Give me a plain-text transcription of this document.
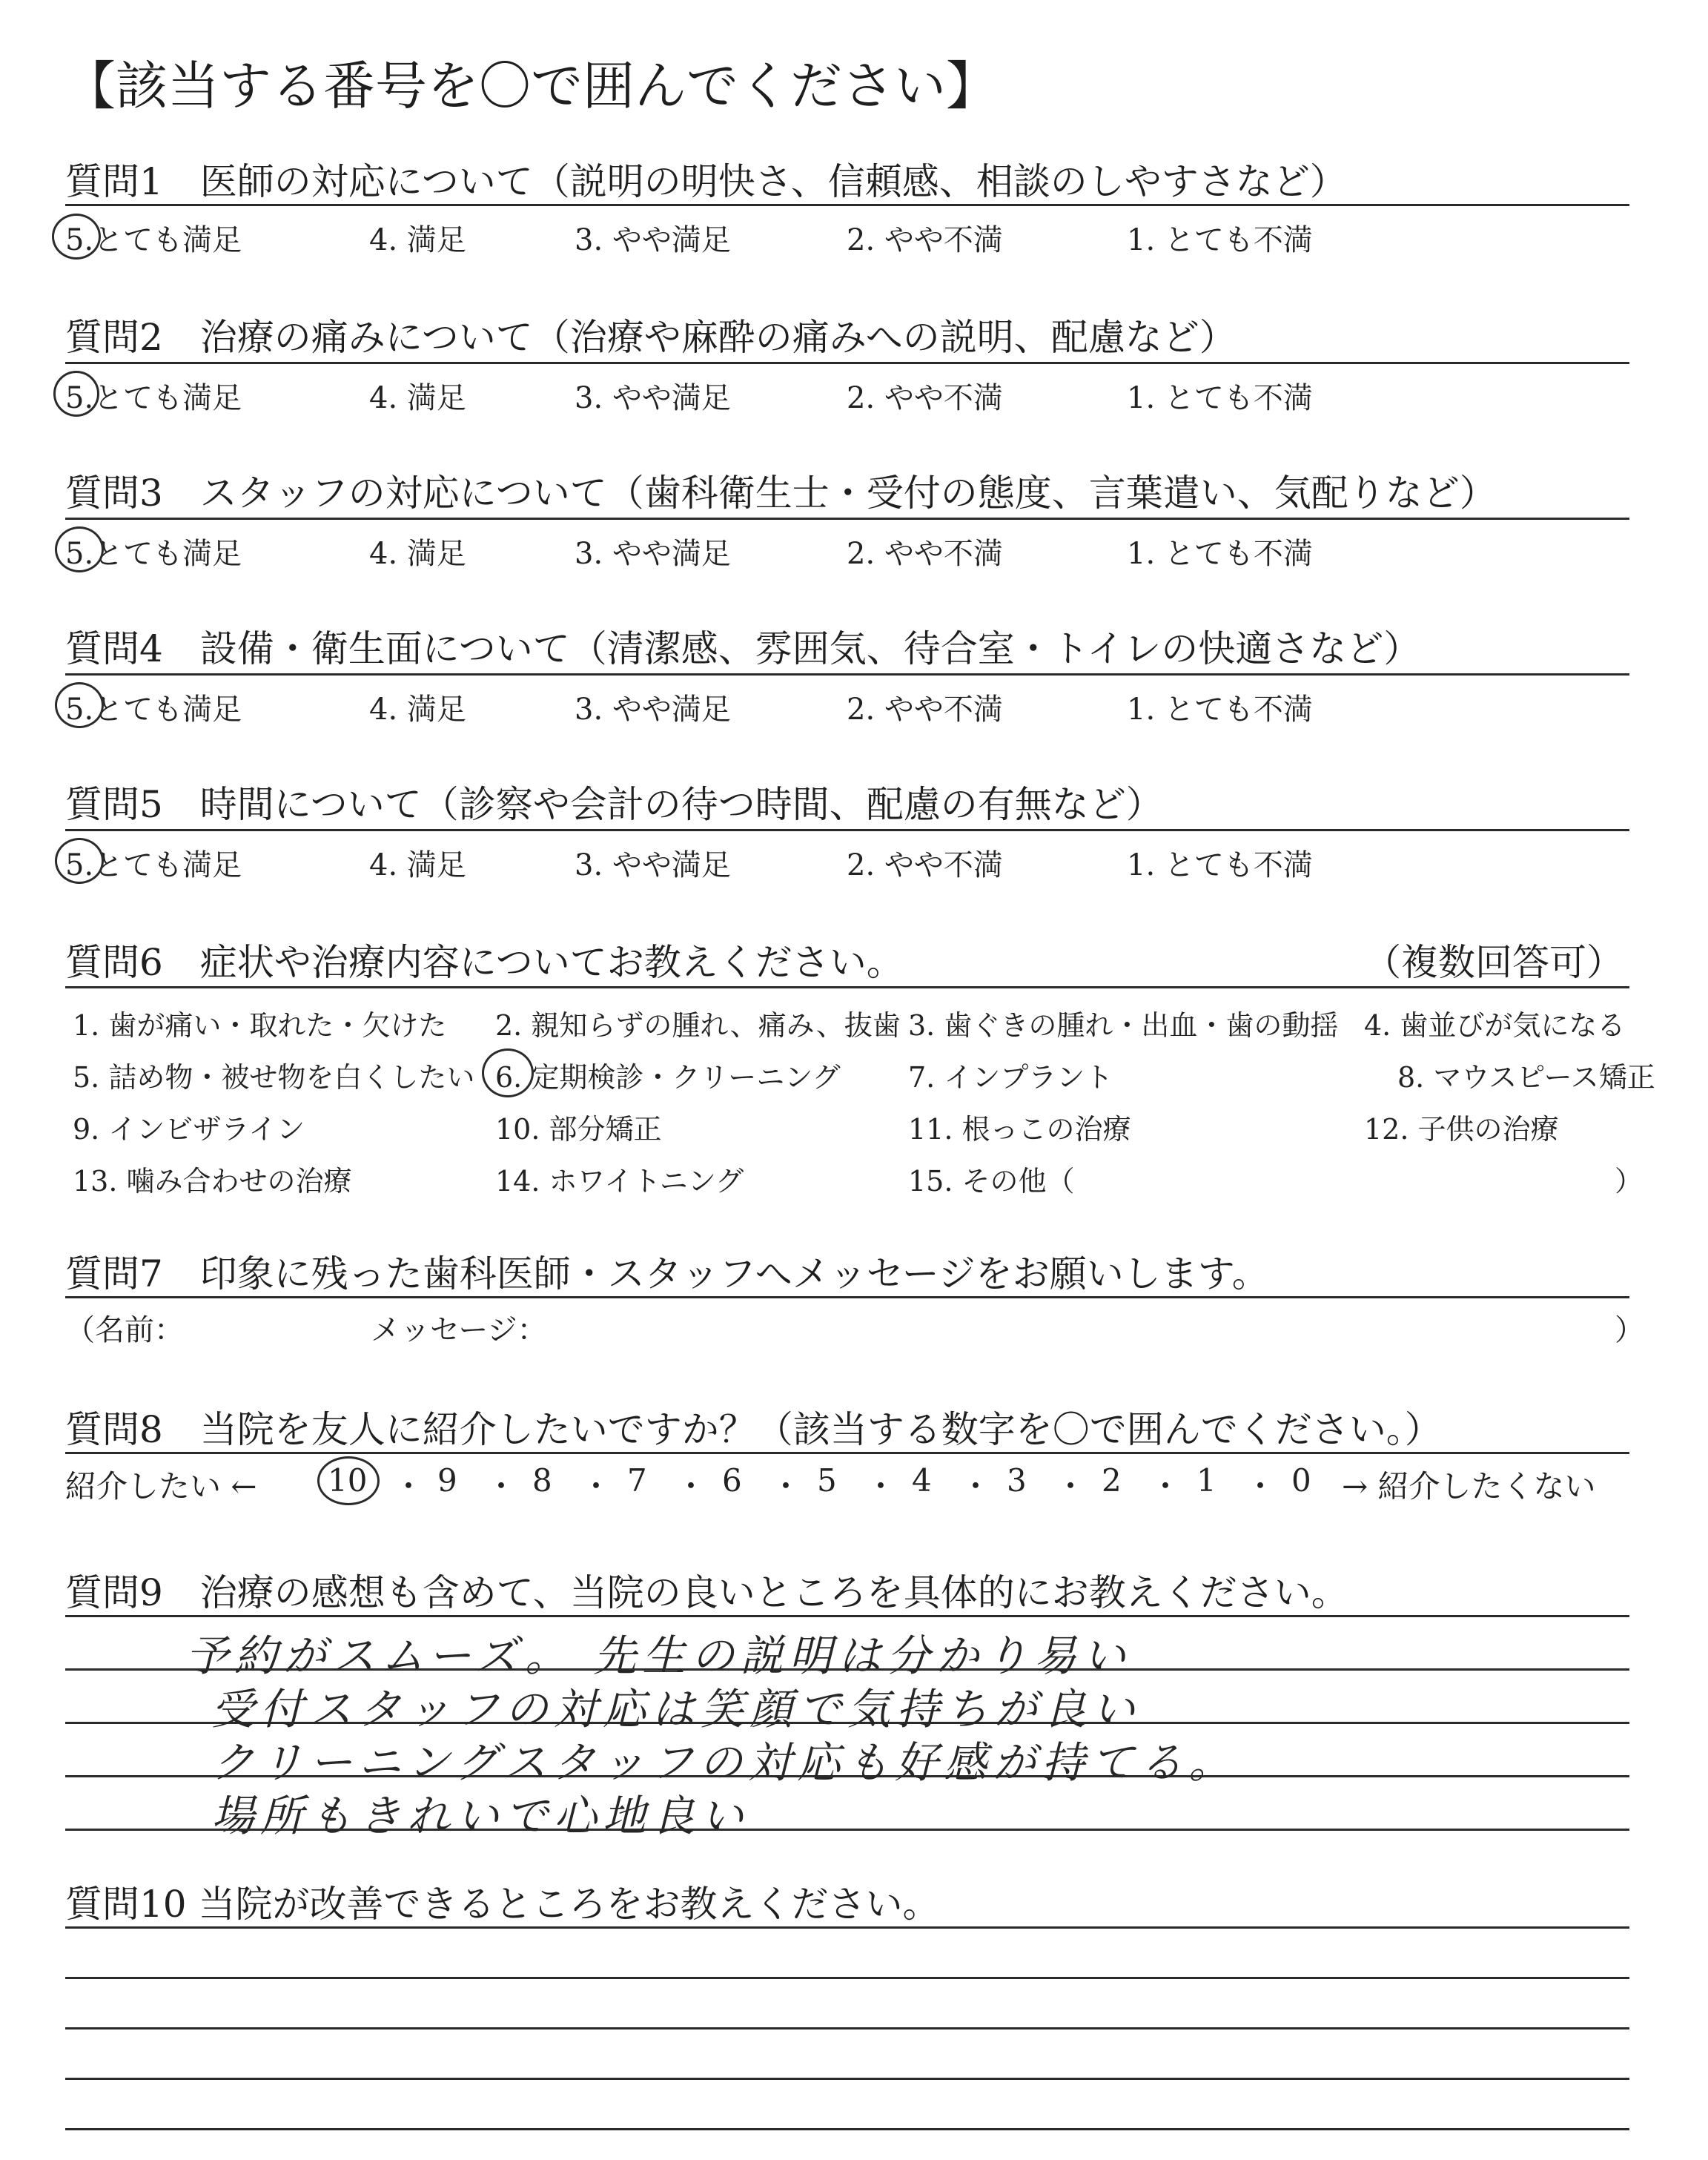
【該当する番号を〇で囲んでください】
質問1　医師の対応について（説明の明快さ、信頼感、相談のしやすさなど）
5.とても満足	4. 満足	3. やや満足	2. やや不満	1. とても不満
質問2　治療の痛みについて（治療や麻酔の痛みへの説明、配慮など）
5.とても満足	4. 満足	3. やや満足	2. やや不満	1. とても不満
質問3　スタッフの対応について（歯科衛生士・受付の態度、言葉遣い、気配りなど）
5.とても満足	4. 満足	3. やや満足	2. やや不満	1. とても不満
質問4　設備・衛生面について（清潔感、雰囲気、待合室・トイレの快適さなど）
5.とても満足	4. 満足	3. やや満足	2. やや不満	1. とても不満
質問5　時間について（診察や会計の待つ時間、配慮の有無など）
5.とても満足	4. 満足	3. やや満足	2. やや不満	1. とても不満
質問6　症状や治療内容についてお教えください。	（複数回答可）
1. 歯が痛い・取れた・欠けた 2. 親知らずの腫れ、痛み、抜歯 3. 歯ぐきの腫れ・出血・歯の動揺 4. 歯並びが気になる
5. 詰め物・被せ物を白くしたい 6. 定期検診・クリーニング 7. インプラント	8. マウスピース矯正
9. インビザライン	10. 部分矯正	11. 根っこの治療	12. 子供の治療
13. 噛み合わせの治療	14. ホワイトニング	15. その他（	）
質問7　印象に残った歯科医師・スタッフへメッセージをお願いします。
（名前：	メッセージ：	）
質問8　当院を友人に紹介したいですか？（該当する数字を〇で囲んでください。）
紹介したい ← 10 ・ 9 ・ 8 ・ 7 ・ 6 ・ 5 ・ 4 ・ 3 ・ 2 ・ 1 ・ 0 → 紹介したくない
質問9　治療の感想も含めて、当院の良いところを具体的にお教えください。
予約がスムーズ。 先生の説明は分かり易い
受付スタッフの対応は笑顔で気持ちが良い
クリーニングスタッフの対応も好感が持てる。
場所もきれいで心地良い
質問10 当院が改善できるところをお教えください。
